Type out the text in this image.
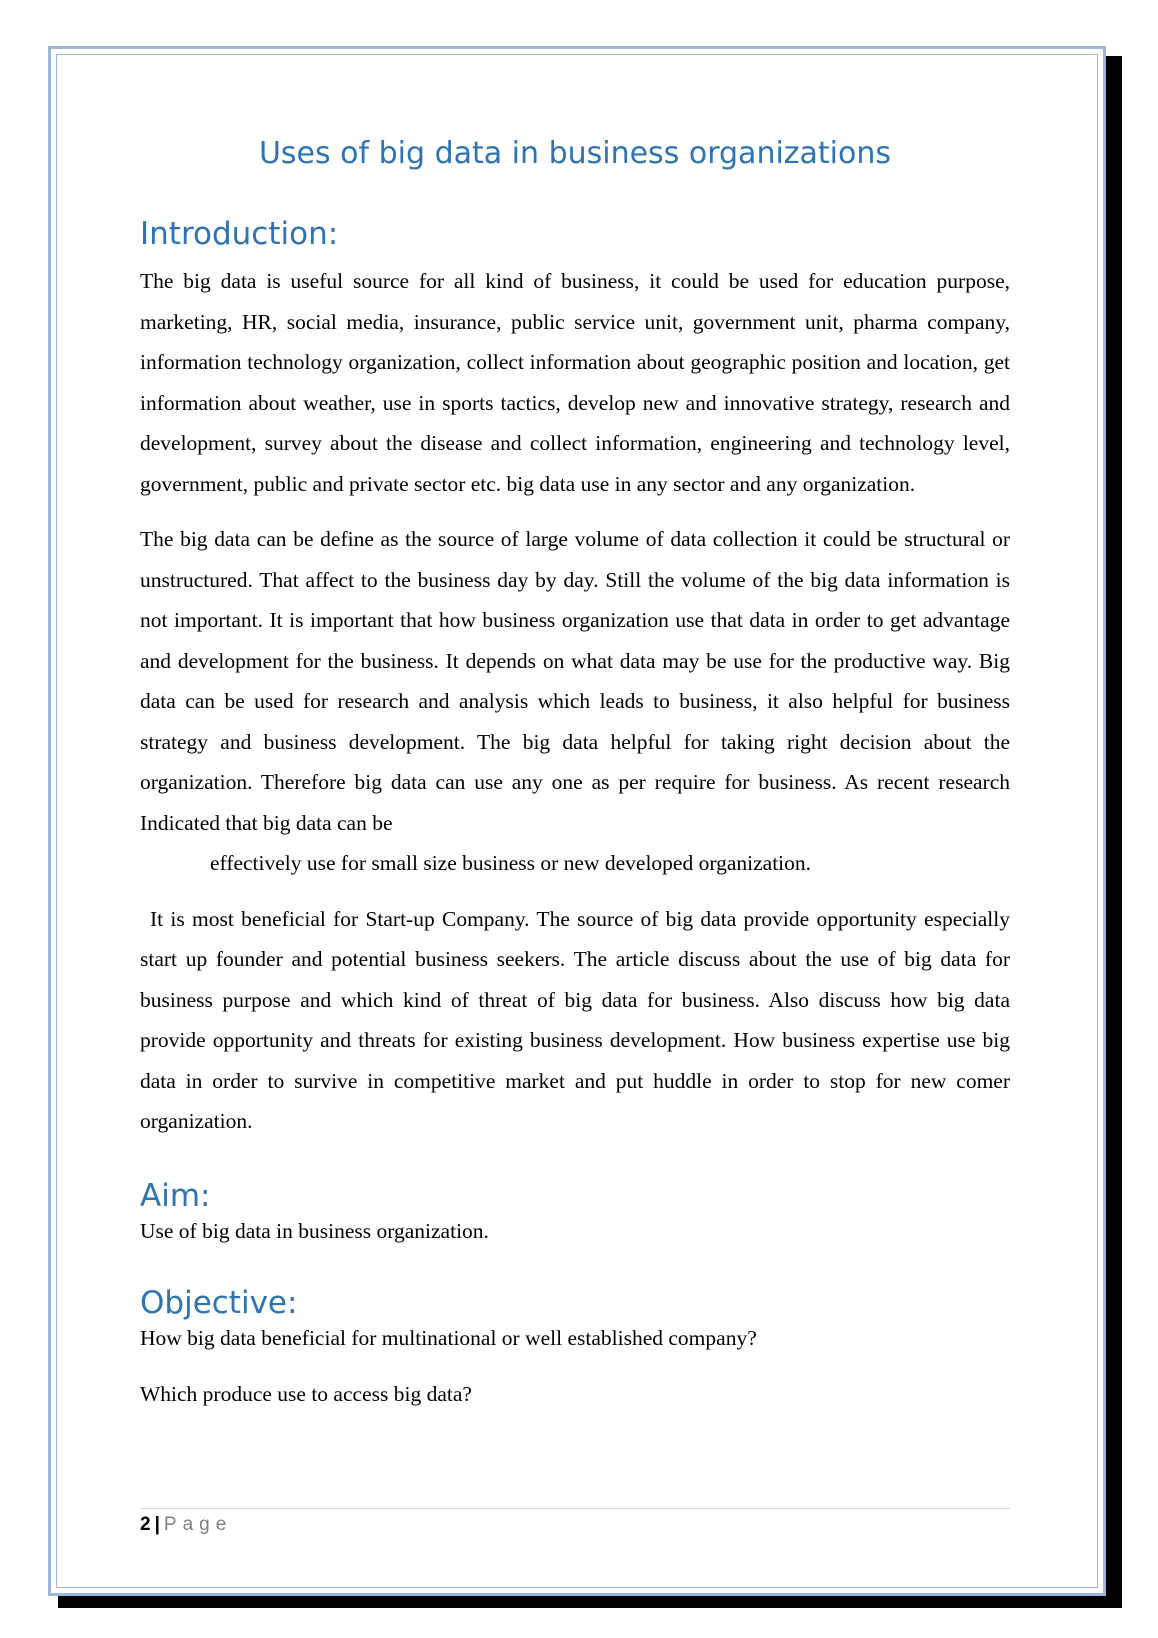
Uses of big data in business organizations
Introduction:

The big data is useful source for all kind of business, it could be used for education purpose, marketing, HR, social media, insurance, public service unit, government unit, pharma company, information technology organization, collect information about geographic position and location, get information about weather, use in sports tactics, develop new and innovative strategy, research and development, survey about the disease and collect information, engineering and technology level, government, public and private sector etc. big data use in any sector and any organization.

The big data can be define as the source of large volume of data collection it could be structural or unstructured. That affect to the business day by day. Still the volume of the big data information is not important. It is important that how business organization use that data in order to get advantage and development for the business. It depends on what data may be use for the productive way. Big data can be used for research and analysis which leads to business, it also helpful for business strategy and business development. The big data helpful for taking right decision about the organization. Therefore big data can use any one as per require for business. As recent research Indicated that big data can be
effectively use for small size business or new developed organization.

It is most beneficial for Start-up Company. The source of big data provide opportunity especially start up founder and potential business seekers. The article discuss about the use of big data for business purpose and which kind of threat of big data for business. Also discuss how big data provide opportunity and threats for existing business development. How business expertise use big data in order to survive in competitive market and put huddle in order to stop for new comer organization.

Aim:

Use of big data in business organization.

Objective:

How big data beneficial for multinational or well established company?

Which produce use to access big data?

2 | Page
